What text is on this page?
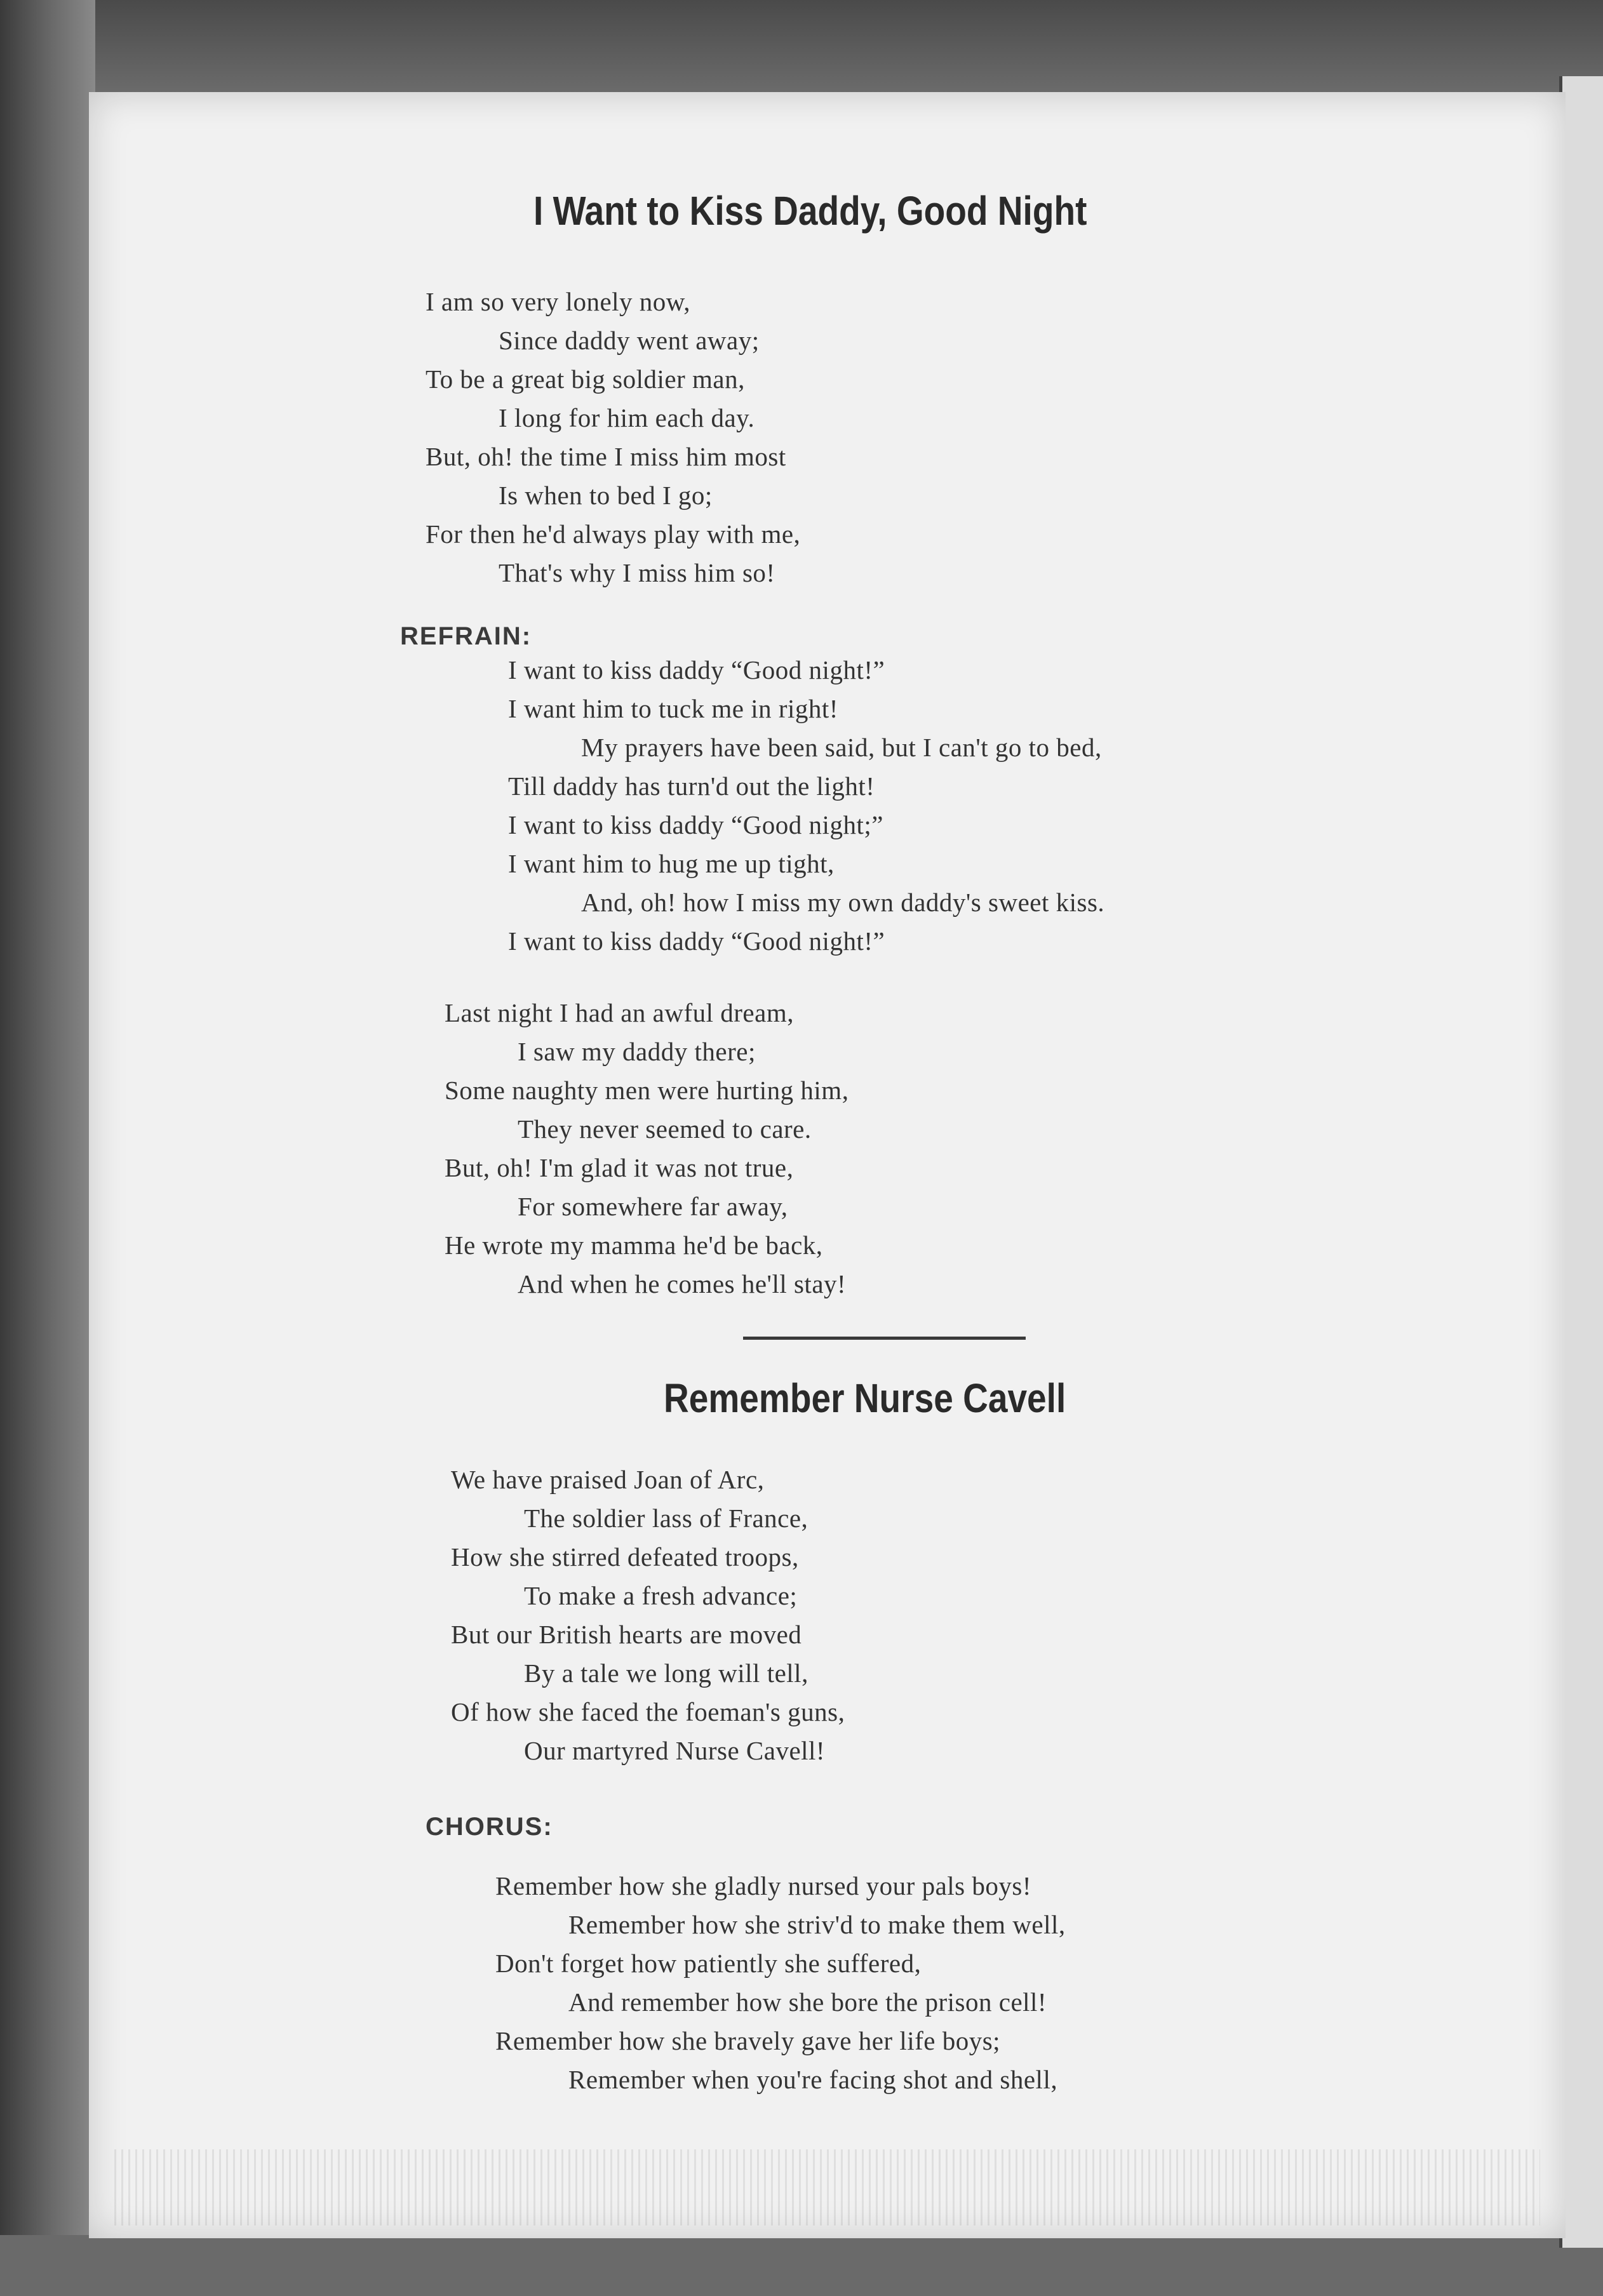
I Want to Kiss Daddy, Good Night
I am so very lonely now,
Since daddy went away;
To be a great big soldier man,
I long for him each day.
But, oh! the time I miss him most
Is when to bed I go;
For then he'd always play with me,
That's why I miss him so!

REFRAIN:

I want to kiss daddy “Good night!”
I want him to tuck me in right!
My prayers have been said, but I can't go to bed,
Till daddy has turn'd out the light!
I want to kiss daddy “Good night;”
I want him to hug me up tight,
And, oh! how I miss my own daddy's sweet kiss.
I want to kiss daddy “Good night!”
Last night I had an awful dream,
I saw my daddy there;
Some naughty men were hurting him,
They never seemed to care.
But, oh! I'm glad it was not true,
For somewhere far away,
He wrote my mamma he'd be back,
And when he comes he'll stay!
Remember Nurse Cavell
We have praised Joan of Arc,
The soldier lass of France,
How she stirred defeated troops,
To make a fresh advance;
But our British hearts are moved
By a tale we long will tell,
Of how she faced the foeman's guns,
Our martyred Nurse Cavell!

CHORUS:

Remember how she gladly nursed your pals boys!
Remember how she striv'd to make them well,
Don't forget how patiently she suffered,
And remember how she bore the prison cell!
Remember how she bravely gave her life boys;
Remember when you're facing shot and shell,
